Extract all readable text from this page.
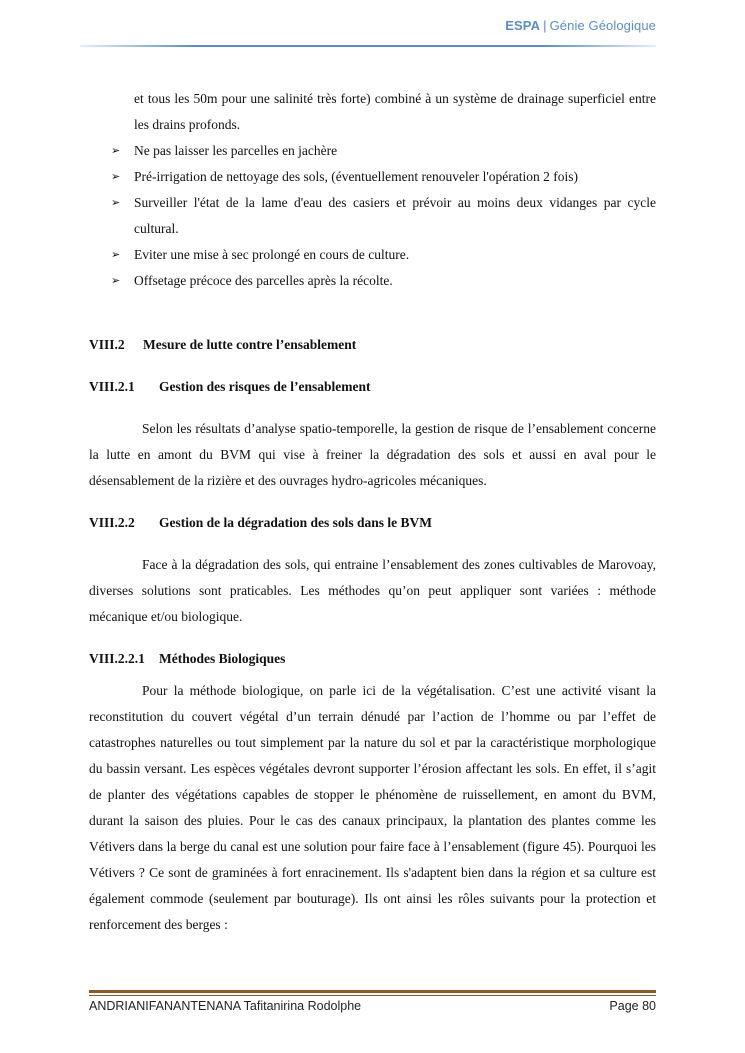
ESPA | Génie Géologique
et tous les 50m pour une salinité très forte) combiné à un système de drainage superficiel entre les drains profonds.
➢ Ne pas laisser les parcelles en jachère
➢ Pré-irrigation de nettoyage des sols, (éventuellement renouveler l'opération 2 fois)
➢ Surveiller l'état de la lame d'eau des casiers et prévoir au moins deux vidanges par cycle cultural.
➢ Eviter une mise à sec prolongé en cours de culture.
➢ Offsetage précoce des parcelles après la récolte.
VIII.2 Mesure de lutte contre l’ensablement
VIII.2.1 Gestion des risques de l’ensablement
Selon les résultats d’analyse spatio-temporelle, la gestion de risque de l’ensablement concerne la lutte en amont du BVM qui vise à freiner la dégradation des sols et aussi en aval pour le désensablement de la rizière et des ouvrages hydro-agricoles mécaniques.
VIII.2.2 Gestion de la dégradation des sols dans le BVM
Face à la dégradation des sols, qui entraine l’ensablement des zones cultivables de Marovoay, diverses solutions sont praticables. Les méthodes qu’on peut appliquer sont variées : méthode mécanique et/ou biologique.
VIII.2.2.1 Méthodes Biologiques
Pour la méthode biologique, on parle ici de la végétalisation. C’est une activité visant la reconstitution du couvert végétal d’un terrain dénudé par l’action de l’homme ou par l’effet de catastrophes naturelles ou tout simplement par la nature du sol et par la caractéristique morphologique du bassin versant. Les espèces végétales devront supporter l’érosion affectant les sols. En effet, il s’agit de planter des végétations capables de stopper le phénomène de ruissellement, en amont du BVM, durant la saison des pluies. Pour le cas des canaux principaux, la plantation des plantes comme les Vétivers dans la berge du canal est une solution pour faire face à l’ensablement (figure 45). Pourquoi les Vétivers ? Ce sont de graminées à fort enracinement. Ils s'adaptent bien dans la région et sa culture est également commode (seulement par bouturage). Ils ont ainsi les rôles suivants pour la protection et renforcement des berges :
ANDRIANIFANANTENANA Tafitanirina Rodolphe	Page 80
